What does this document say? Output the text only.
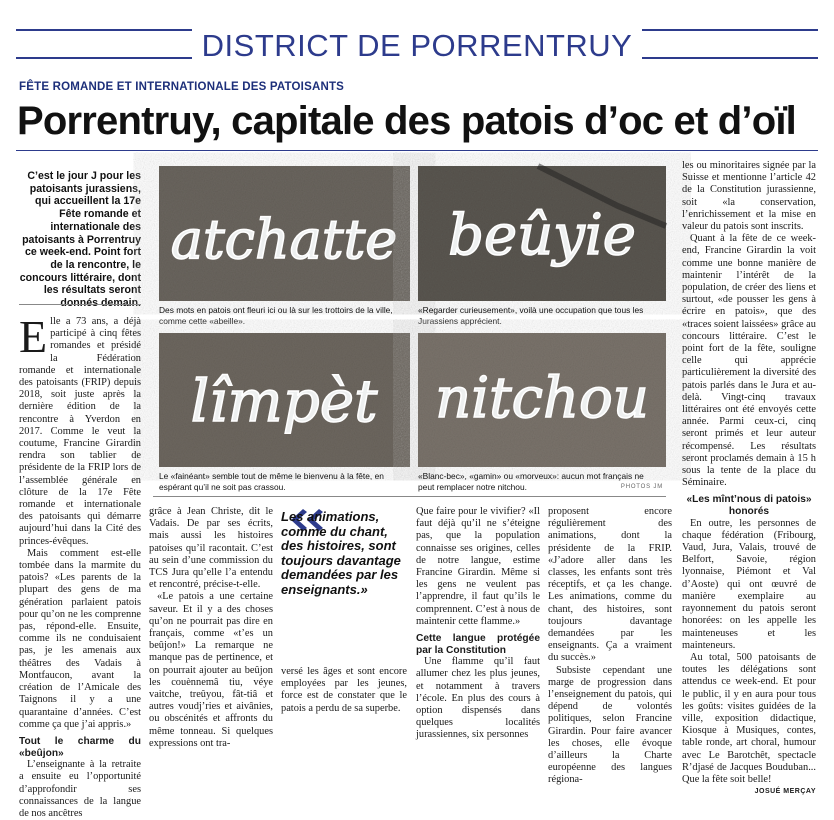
DISTRICT DE PORRENTRUY
FÊTE ROMANDE ET INTERNATIONALE DES PATOISANTS
Porrentruy, capitale des patois d’oc et d’oïl
C’est le jour J pour les patoisants jurassiens, qui accueillent la 17e Fête romande et internationale des patoisants à Porrentruy ce week-end. Point fort de la rencontre, le concours littéraire, dont les résultats seront
atchatte beûyie
Des mots en patois ont fleuri ici ou là sur les trottoirs de la ville, comme cette «abeille».
«Regarder curieusement», voilà une occupation que tous les Jurassiens apprécient.
lîmpèt nitchou
Le «fainéant» semble tout de même le bienvenu à la fête, en espérant qu’il ne soit pas crassou.
«Blanc-bec», «gamin» ou «morveux»: aucun mot français ne peut remplacer notre nitchou.	PHOTOS JM

Elle a 73 ans, a déjà participé à cinq fêtes romandes et présidé la Fédération romande et internationale des patoisants (FRIP) depuis 2018, soit juste après la dernière édition de la rencontre à Yverdon en 2017. Comme le veut la coutume, Francine Girardin rendra son tablier de présidente de la FRIP lors de l’assemblée générale en clôture de la 17e Fête romande et internationale des patoisants qui démarre aujourd’hui dans la Cité des princes-évêques.

Mais comment est-elle tombée dans la marmite du patois? «Les parents de la plupart des gens de ma génération parlaient patois pour qu’on ne les comprenne pas, répond-elle. Ensuite, comme ils ne conduisaient pas, je les amenais aux théâtres des Vadais à Montfaucon, avant la création de l’Amicale des Taignons il y a une quarantaine d’années. C’est comme ça que j’ai appris.»

Tout le charme du «beûjon»

L’enseignante à la retraite a ensuite eu l’opportunité d’approfondir ses connaissances de la langue de nos ancêtres

grâce à Jean Christe, dit le Vadais. De par ses écrits, mais aussi les histoires patoises qu’il racontait. C’est au sein d’une commission du TCS Jura qu’elle l’a entendu et rencontré, précise-t-elle.

«Le patois a une certaine saveur. Et il y a des choses qu’on ne pourrait pas dire en français, comme «t’es un beûjon!» La remarque ne manque pas de pertinence, et on pourrait ajouter au beûjon les couènnemâ tiu, véye vaitche, treûyou, fât-tiâ et autres voudj’ries et aivânies, ou obscénités et affronts du même tonneau. Si quelques expressions ont tra-

Les animations, comme du chant, des histoires, sont toujours davantage demandées par les enseignants.»

versé les âges et sont encore employées par les jeunes, force est de constater que le patois a perdu de sa superbe.

Que faire pour le vivifier? «Il faut déjà qu’il ne s’éteigne pas, que la population connaisse ses origines, celles de notre langue, estime Francine Girardin. Même si les gens ne veulent pas l’apprendre, il faut qu’ils le comprennent. C’est à nous de maintenir cette flamme.»

Cette langue protégée par la Constitution

Une flamme qu’il faut allumer chez les plus jeunes, et notamment à travers l’école. En plus des cours à option dispensés dans quelques localités jurassiennes, six personnes

proposent encore régulièrement des animations, dont la présidente de la FRIP. «J’adore aller dans les classes, les enfants sont très réceptifs, et ça les change. Les animations, comme du chant, des histoires, sont toujours davantage demandées par les enseignants. Ça a vraiment du succès.»

Subsiste cependant une marge de progression dans l’enseignement du patois, qui dépend de volontés politiques, selon Francine Girardin. Pour faire avancer les choses, elle évoque d’ailleurs la Charte européenne des langues régiona-

les ou minoritaires signée par la Suisse et mentionne l’article 42 de la Constitution jurassienne, soit «la conservation, l’enrichissement et la mise en valeur du patois sont inscrits.

Quant à la fête de ce week-end, Francine Girardin la voit comme une bonne manière de maintenir l’intérêt de la population, de créer des liens et surtout, «de pousser les gens à écrire en patois», que des «traces soient laissées» grâce au concours littéraire. C’est le point fort de la fête, souligne celle qui apprécie particulièrement la diversité des patois parlés dans le Jura et au-delà. Vingt-cinq travaux littéraires ont été envoyés cette année. Parmi ceux-ci, cinq seront primés et leur auteur récompensé. Les résultats seront proclamés demain à 15 h sous la tente de la place du Séminaire.

«Les mînt’nous di patois» honorés

En outre, les personnes de chaque fédération (Fribourg, Vaud, Jura, Valais, trouvé de Belfort, Savoie, région lyonnaise, Piémont et Val d’Aoste) qui ont œuvré de manière exemplaire au rayonnement du patois seront honorées: on les appelle les mainteneuses et les mainteneurs.

Au total, 500 patoisants de toutes les délégations sont attendus ce week-end. Et pour le public, il y en aura pour tous les goûts: visites guidées de la ville, exposition didactique, Kiosque à Musiques, contes, table ronde, art choral, humour avec Le Barotchêt, spectacle R’djasé de Jacques Bouduban... Que la fête soit belle!

JOSUÉ MERÇAY
